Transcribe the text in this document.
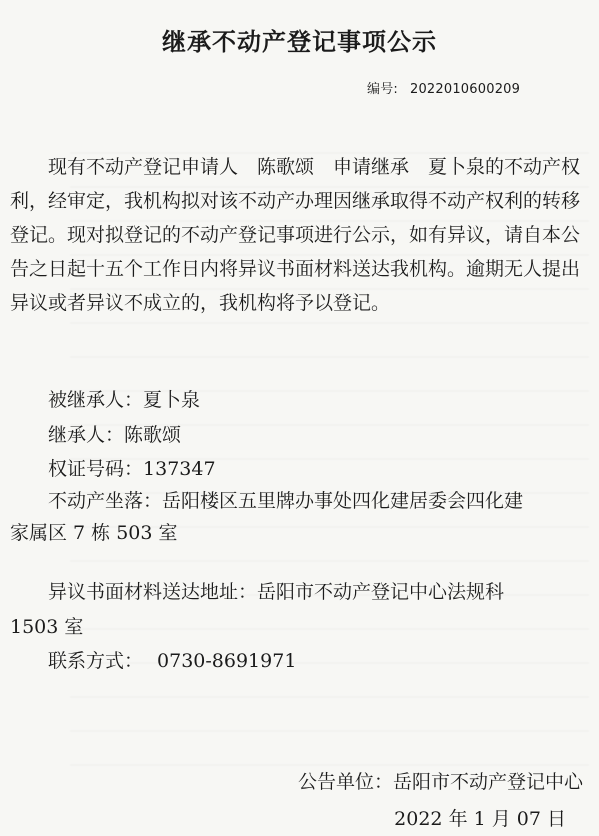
继承不动产登记事项公示
编号: 2022010600209

现有不动产登记申请人　陈歌颂　申请继承　夏卜泉的不动产权利，经审定，我机构拟对该不动产办理因继承取得不动产权利的转移登记。现对拟登记的不动产登记事项进行公示，如有异议，请自本公告之日起十五个工作日内将异议书面材料送达我机构。逾期无人提出异议或者异议不成立的，我机构将予以登记。

被继承人：夏卜泉

继承人：陈歌颂

权证号码：137347

不动产坐落：岳阳楼区五里牌办事处四化建居委会四化建

家属区 7 栋 503 室

异议书面材料送达地址：岳阳市不动产登记中心法规科

1503 室

联系方式： 0730-8691971

公告单位：岳阳市不动产登记中心
2022 年 1 月 07 日
